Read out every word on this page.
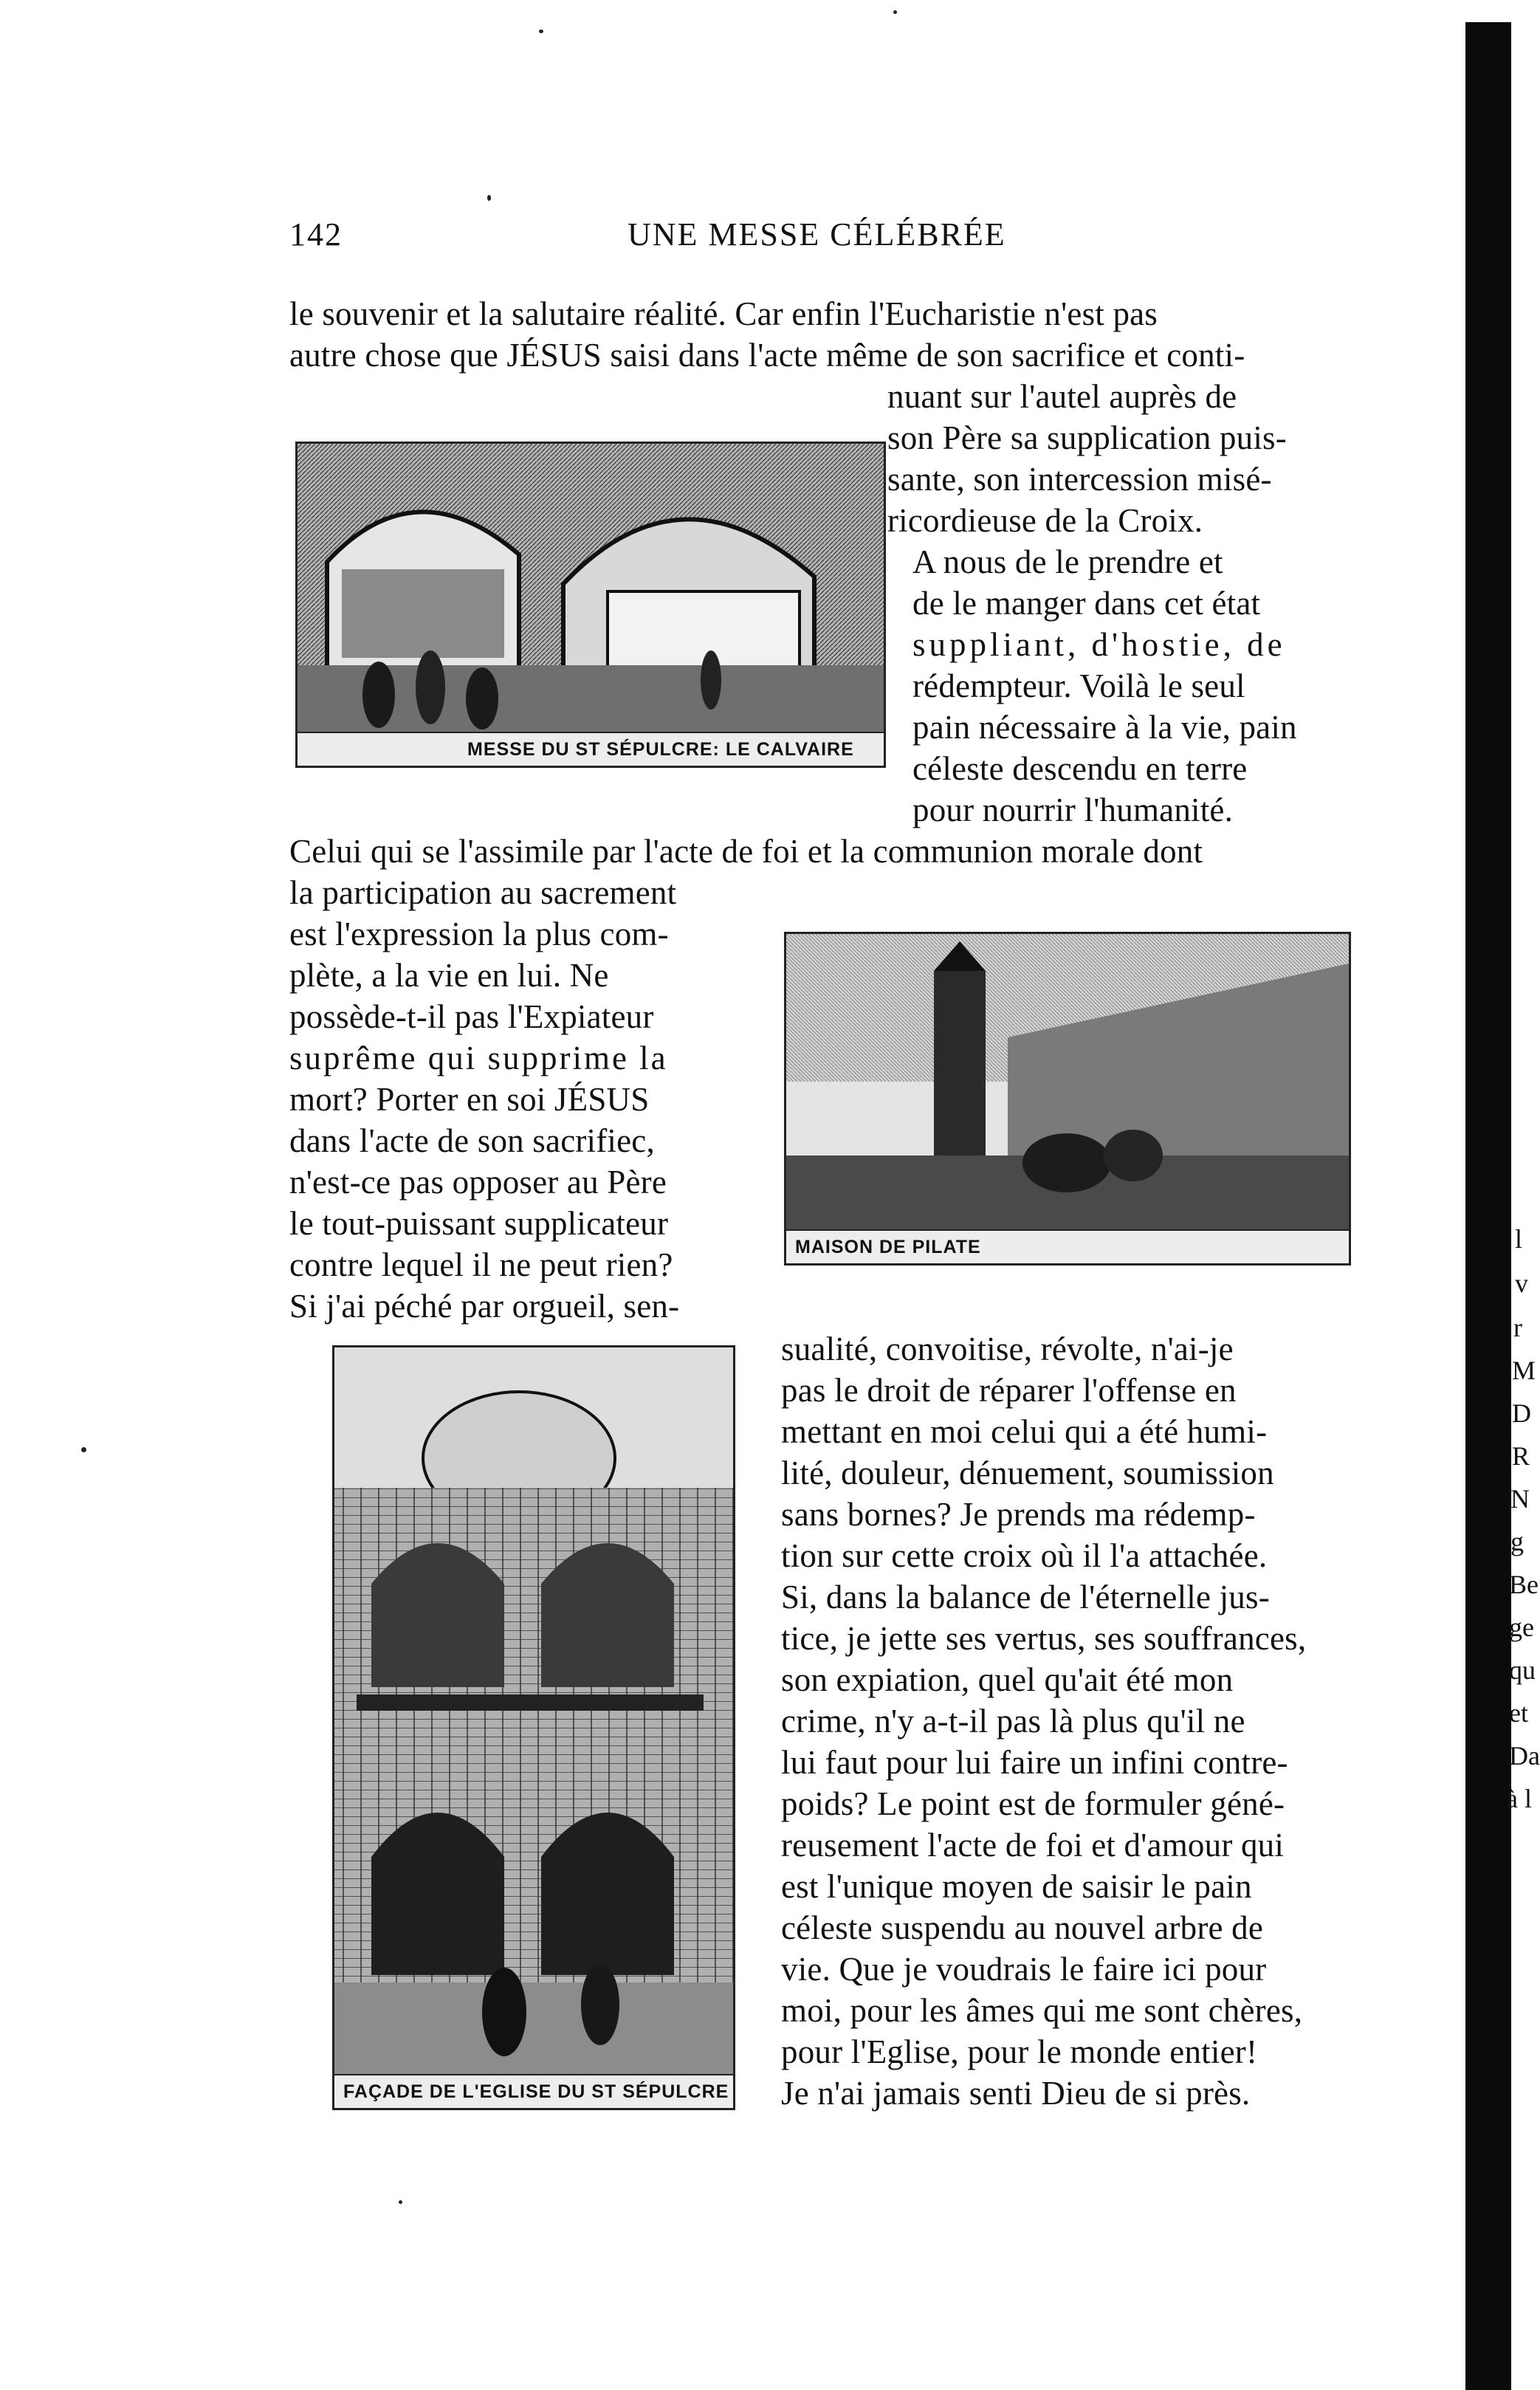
142	UNE MESSE CÉLÉBRÉE
le souvenir et la salutaire réalité. Car enfin l'Eucharistie n'est pas
autre chose que JÉSUS saisi dans l'acte même de son sacrifice et conti-
nuant sur l'autel auprès de
son Père sa supplication puis-
sante, son intercession misé-
ricordieuse de la Croix.
A nous de le prendre et
de le manger dans cet état
suppliant, d'hostie, de
rédempteur. Voilà le seul
pain nécessaire à la vie, pain
céleste descendu en terre
pour nourrir l'humanité.
Celui qui se l'assimile par l'acte de foi et la communion morale dont
la participation au sacrement
est l'expression la plus com-
plète, a la vie en lui. Ne
possède-t-il pas l'Expiateur
suprême qui supprime la
mort? Porter en soi JÉSUS
dans l'acte de son sacrifiec,
n'est-ce pas opposer au Père
le tout-puissant supplicateur
contre lequel il ne peut rien?
Si j'ai péché par orgueil, sen-
sualité, convoitise, révolte, n'ai-je
pas le droit de réparer l'offense en
mettant en moi celui qui a été humi-
lité, douleur, dénuement, soumission
sans bornes? Je prends ma rédemp-
tion sur cette croix où il l'a attachée.
Si, dans la balance de l'éternelle jus-
tice, je jette ses vertus, ses souffrances,
son expiation, quel qu'ait été mon
crime, n'y a-t-il pas là plus qu'il ne
lui faut pour lui faire un infini contre-
poids? Le point est de formuler géné-
reusement l'acte de foi et d'amour qui
est l'unique moyen de saisir le pain
céleste suspendu au nouvel arbre de
vie. Que je voudrais le faire ici pour
moi, pour les âmes qui me sont chères,
pour l'Eglise, pour le monde entier!
Je n'ai jamais senti Dieu de si près.
MESSE DU ST SÉPULCRE: LE CALVAIRE
MAISON DE PILATE
FAÇADE DE L'EGLISE DU ST SÉPULCRE
l
v
r
M
D
R
N
g
Be
ge
qu
et
Da
à l
